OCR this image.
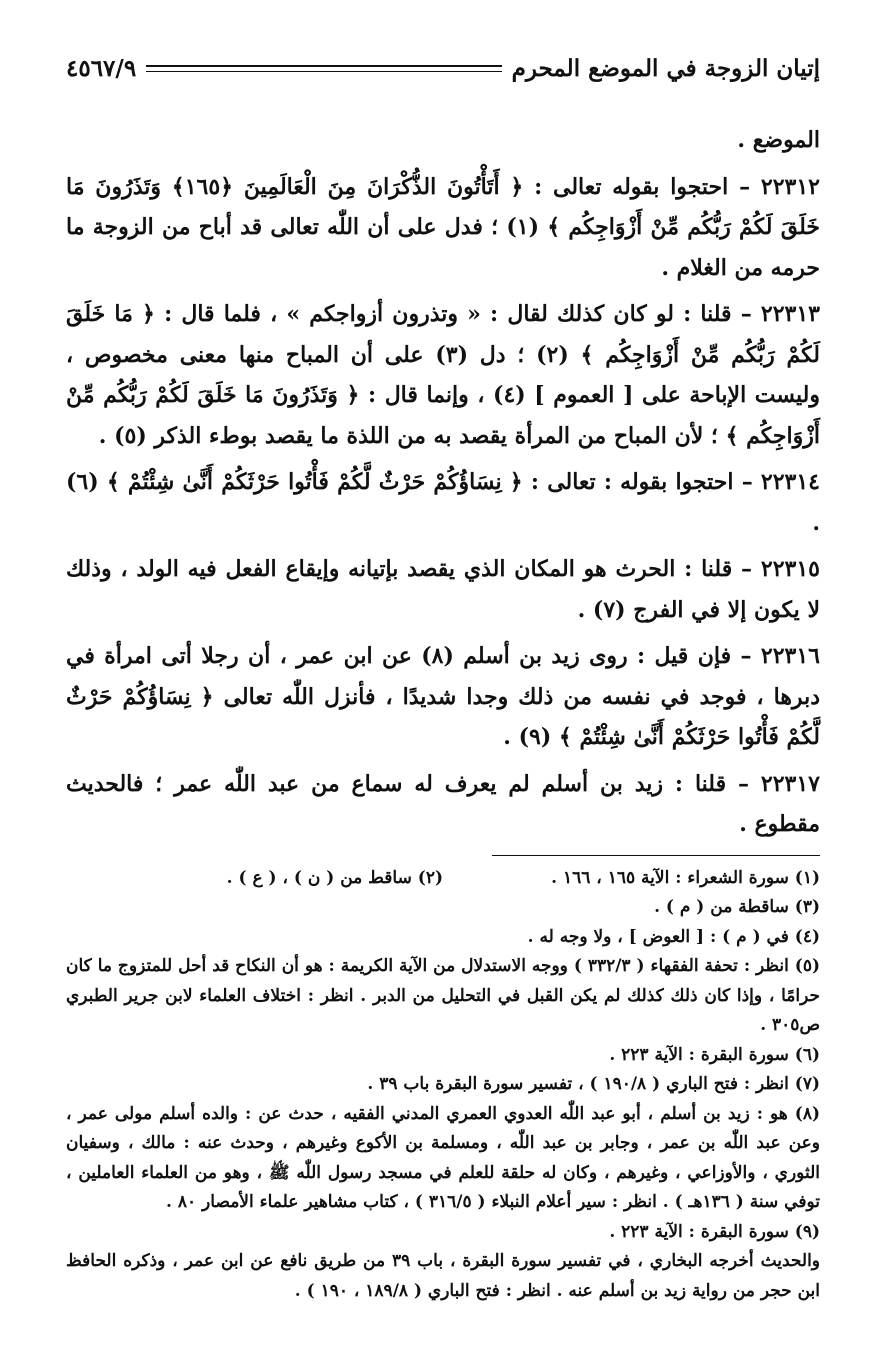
إتيان الزوجة في الموضع المحرم
٤٥٦٧/٩

الموضع .

٢٢٣١٢ – احتجوا بقوله تعالى : ﴿ أَتَأْتُونَ الذُّكْرَانَ مِنَ الْعَالَمِينَ ﴿١٦٥﴾ وَتَذَرُونَ مَا خَلَقَ لَكُمْ رَبُّكُم مِّنْ أَزْوَاجِكُم ﴾ (١) ؛ فدل على أن اللّٰه تعالى قد أباح من الزوجة ما حرمه من الغلام .

٢٢٣١٣ – قلنا : لو كان كذلك لقال : « وتذرون أزواجكم » ، فلما قال : ﴿ مَا خَلَقَ لَكُمْ رَبُّكُم مِّنْ أَزْوَاجِكُم ﴾ (٢) ؛ دل (٣) على أن المباح منها معنى مخصوص ، وليست الإباحة على [ العموم ] (٤) ، وإنما قال : ﴿ وَتَذَرُونَ مَا خَلَقَ لَكُمْ رَبُّكُم مِّنْ أَزْوَاجِكُم ﴾ ؛ لأن المباح من المرأة يقصد به من اللذة ما يقصد بوطء الذكر (٥) .

٢٢٣١٤ – احتجوا بقوله : تعالى : ﴿ نِسَاؤُكُمْ حَرْثٌ لَّكُمْ فَأْتُوا حَرْثَكُمْ أَنَّىٰ شِئْتُمْ ﴾ (٦) .

٢٢٣١٥ – قلنا : الحرث هو المكان الذي يقصد بإتيانه وإيقاع الفعل فيه الولد ، وذلك لا يكون إلا في الفرج (٧) .

٢٢٣١٦ – فإن قيل : روى زيد بن أسلم (٨) عن ابن عمر ، أن رجلا أتى امرأة في دبرها ، فوجد في نفسه من ذلك وجدا شديدًا ، فأنزل اللّٰه تعالى ﴿ نِسَاؤُكُمْ حَرْثٌ لَّكُمْ فَأْتُوا حَرْثَكُمْ أَنَّىٰ شِئْتُمْ ﴾ (٩) .

٢٢٣١٧ – قلنا : زيد بن أسلم لم يعرف له سماع من عبد اللّٰه عمر ؛ فالحديث مقطوع .

(١) سورة الشعراء : الآية ١٦٥ ، ١٦٦ .

(٢) ساقط من ( ن ) ، ( ع ) .

(٣) ساقطة من ( م ) .

(٤) في ( م ) : [ العوض ] ، ولا وجه له .

(٥) انظر : تحفة الفقهاء ( ٣٣٢/٣ ) ووجه الاستدلال من الآية الكريمة : هو أن النكاح قد أحل للمتزوج ما كان حرامًا ، وإذا كان ذلك كذلك لم يكن القبل في التحليل من الدبر . انظر : اختلاف العلماء لابن جرير الطبري ص٣٠٥ .

(٦) سورة البقرة : الآية ٢٢٣ .

(٧) انظر : فتح الباري ( ١٩٠/٨ ) ، تفسير سورة البقرة باب ٣٩ .

(٨) هو : زيد بن أسلم ، أبو عبد اللّٰه العدوي العمري المدني الفقيه ، حدث عن : والده أسلم مولى عمر ، وعن عبد اللّٰه بن عمر ، وجابر بن عبد اللّٰه ، ومسلمة بن الأكوع وغيرهم ، وحدث عنه : مالك ، وسفيان الثوري ، والأوزاعي ، وغيرهم ، وكان له حلقة للعلم في مسجد رسول اللّٰه ﷺ ، وهو من العلماء العاملين ، توفي سنة ( ١٣٦هـ ) . انظر : سير أعلام النبلاء ( ٣١٦/٥ ) ، كتاب مشاهير علماء الأمصار ٨٠ .

(٩) سورة البقرة : الآية ٢٢٣ .

والحديث أخرجه البخاري ، في تفسير سورة البقرة ، باب ٣٩ من طريق نافع عن ابن عمر ، وذكره الحافظ ابن حجر من رواية زيد بن أسلم عنه . انظر : فتح الباري ( ١٨٩/٨ ، ١٩٠ ) .
